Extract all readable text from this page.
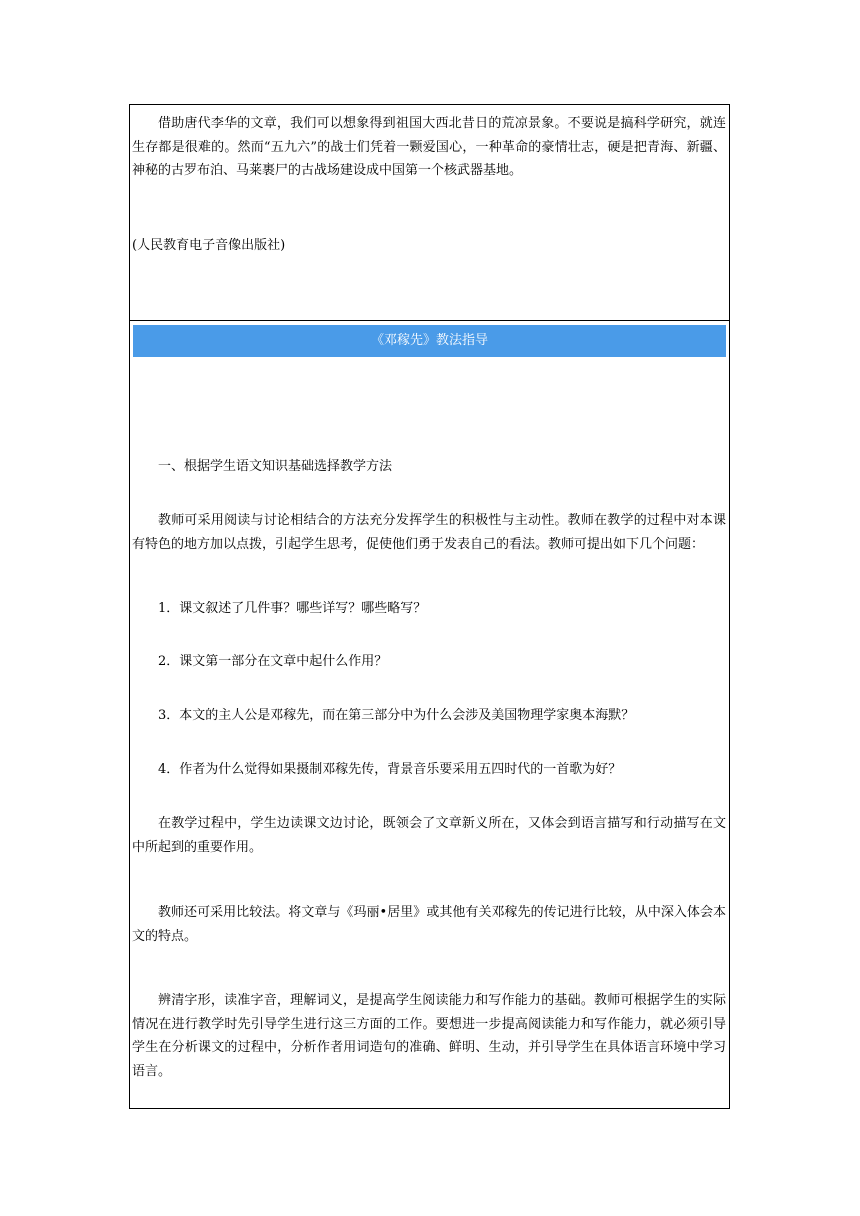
借助唐代李华的文章，我们可以想象得到祖国大西北昔日的荒凉景象。不要说是搞科学研究，就连生存都是很难的。然而“五九六”的战士们凭着一颗爱国心，一种革命的豪情壮志，硬是把青海、新疆、神秘的古罗布泊、马莱裹尸的古战场建设成中国第一个核武器基地。

(人民教育电子音像出版社)

《邓稼先》教法指导

一、根据学生语文知识基础选择教学方法

教师可采用阅读与讨论相结合的方法充分发挥学生的积极性与主动性。教师在教学的过程中对本课有特色的地方加以点拨，引起学生思考，促使他们勇于发表自己的看法。教师可提出如下几个问题：

1．课文叙述了几件事？哪些详写？哪些略写？

2．课文第一部分在文章中起什么作用？

3．本文的主人公是邓稼先，而在第三部分中为什么会涉及美国物理学家奥本海默？

4．作者为什么觉得如果摄制邓稼先传，背景音乐要采用五四时代的一首歌为好？

在教学过程中，学生边读课文边讨论，既领会了文章新义所在，又体会到语言描写和行动描写在文中所起到的重要作用。

教师还可采用比较法。将文章与《玛丽•居里》或其他有关邓稼先的传记进行比较，从中深入体会本文的特点。

辨清字形，读准字音，理解词义，是提高学生阅读能力和写作能力的基础。教师可根据学生的实际情况在进行教学时先引导学生进行这三方面的工作。要想进一步提高阅读能力和写作能力，就必须引导学生在分析课文的过程中，分析作者用词造句的准确、鲜明、生动，并引导学生在具体语言环境中学习语言。
